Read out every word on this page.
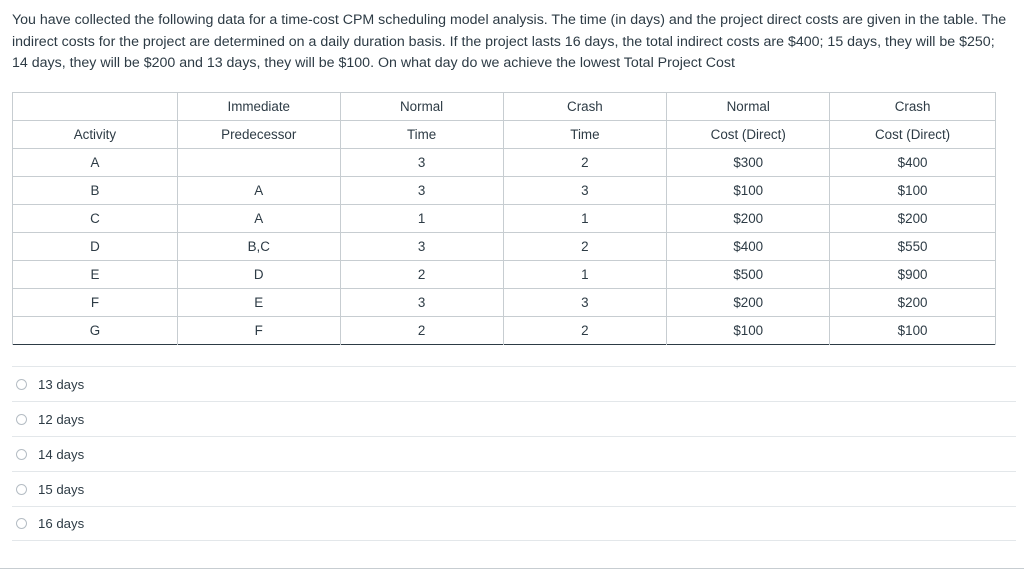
You have collected the following data for a time-cost CPM scheduling model analysis. The time (in days) and the project direct costs are given in the table. The indirect costs for the project are determined on a daily duration basis. If the project lasts 16 days, the total indirect costs are $400; 15 days, they will be $250; 14 days, they will be $200 and 13 days, they will be $100. On what day do we achieve the lowest Total Project Cost

	Immediate	Normal	Crash	Normal	Crash
Activity	Predecessor	Time	Time	Cost (Direct)	Cost (Direct)
A		3	2	$300	$400
B	A	3	3	$100	$100
C	A	1	1	$200	$200
D	B,C	3	2	$400	$550
E	D	2	1	$500	$900
F	E	3	3	$200	$200
G	F	2	2	$100	$100
13 days
12 days
14 days
15 days
16 days
